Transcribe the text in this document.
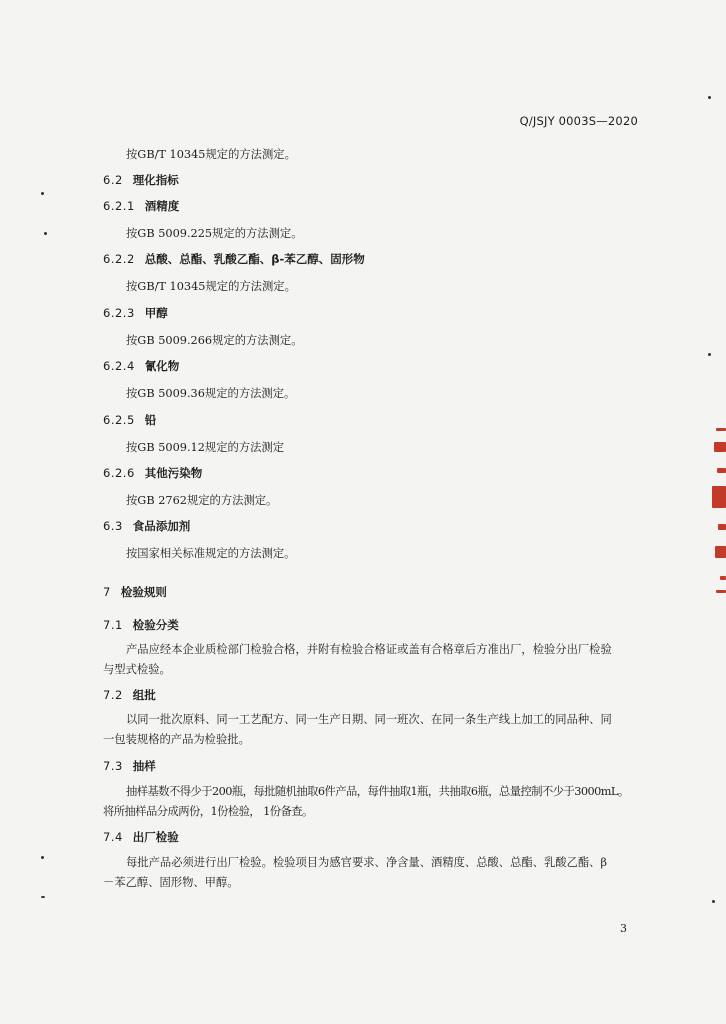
Q/JSJY 0003S—2020
按GB/T 10345规定的方法测定。
6.2 理化指标
6.2.1 酒精度
按GB 5009.225规定的方法测定。
6.2.2 总酸、总酯、乳酸乙酯、β-苯乙醇、固形物
按GB/T 10345规定的方法测定。
6.2.3 甲醇
按GB 5009.266规定的方法测定。
6.2.4 氰化物
按GB 5009.36规定的方法测定。
6.2.5 铅
按GB 5009.12规定的方法测定
6.2.6 其他污染物
按GB 2762规定的方法测定。
6.3 食品添加剂
按国家相关标准规定的方法测定。
7 检验规则
7.1 检验分类
产品应经本企业质检部门检验合格，并附有检验合格证或盖有合格章后方准出厂，检验分出厂检验
与型式检验。
7.2 组批
以同一批次原料、同一工艺配方、同一生产日期、同一班次、在同一条生产线上加工的同品种、同
一包装规格的产品为检验批。
7.3 抽样
抽样基数不得少于200瓶，每批随机抽取6件产品，每件抽取1瓶，共抽取6瓶，总量控制不少于3000mL。
将所抽样品分成两份，1份检验， 1份备查。
7.4 出厂检验
每批产品必须进行出厂检验。检验项目为感官要求、净含量、酒精度、总酸、总酯、乳酸乙酯、β
－苯乙醇、固形物、甲醇。
3
